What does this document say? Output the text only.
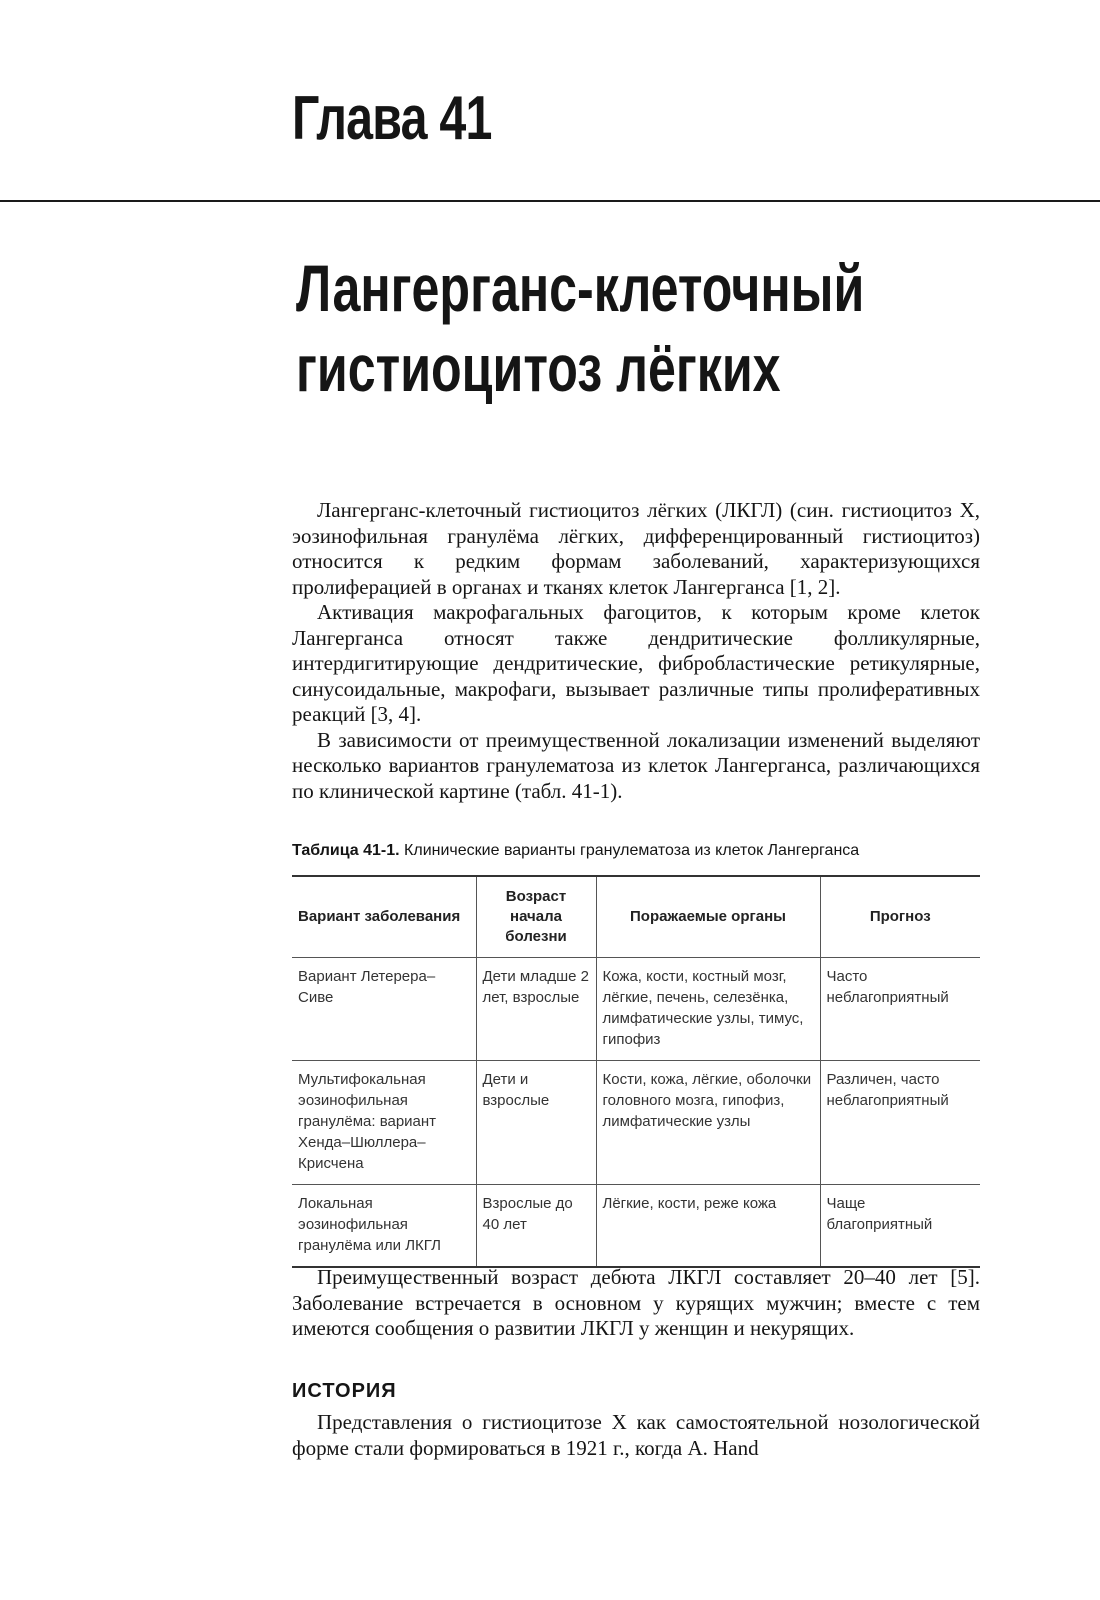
Глава 41
Лангерганс-клеточный
гистиоцитоз лёгких

Лангерганс-клеточный гистиоцитоз лёгких (ЛКГЛ) (син. гистиоцитоз X, эозинофильная гранулёма лёгких, дифференцированный гистиоцитоз) относится к редким формам заболеваний, характеризующихся пролиферацией в органах и тканях клеток Лангерганса [1, 2].

Активация макрофагальных фагоцитов, к которым кроме клеток Лангерганса относят также дендритические фолликулярные, интердигитирующие дендритические, фибробластические ретикулярные, синусоидальные, макрофаги, вызывает различные типы пролиферативных реакций [3, 4].

В зависимости от преимущественной локализации изменений выделяют несколько вариантов гранулематоза из клеток Лангерганса, различающихся по клинической картине (табл. 41-1).

Таблица 41-1. Клинические варианты гранулематоза из клеток Лангерганса
Вариант заболевания	Возраст начала болезни	Поражаемые органы	Прогноз
Вариант Летерера–Сиве	Дети младше 2 лет, взрослые	Кожа, кости, костный мозг, лёгкие, печень, селезёнка, лимфатические узлы, тимус, гипофиз	Часто неблагоприятный
Мультифокальная эозинофильная гранулёма: вариант Хенда–Шюллера–Крисчена	Дети и взрослые	Кости, кожа, лёгкие, оболочки головного мозга, гипофиз, лимфатические узлы	Различен, часто неблагоприятный
Локальная эозинофильная гранулёма или ЛКГЛ	Взрослые до 40 лет	Лёгкие, кости, реже кожа	Чаще благоприятный

Преимущественный возраст дебюта ЛКГЛ составляет 20–40 лет [5]. Заболевание встречается в основном у курящих мужчин; вместе с тем имеются сообщения о развитии ЛКГЛ у женщин и некурящих.

ИСТОРИЯ

Представления о гистиоцитозе X как самостоятельной нозологической форме стали формироваться в 1921 г., когда A. Hand
